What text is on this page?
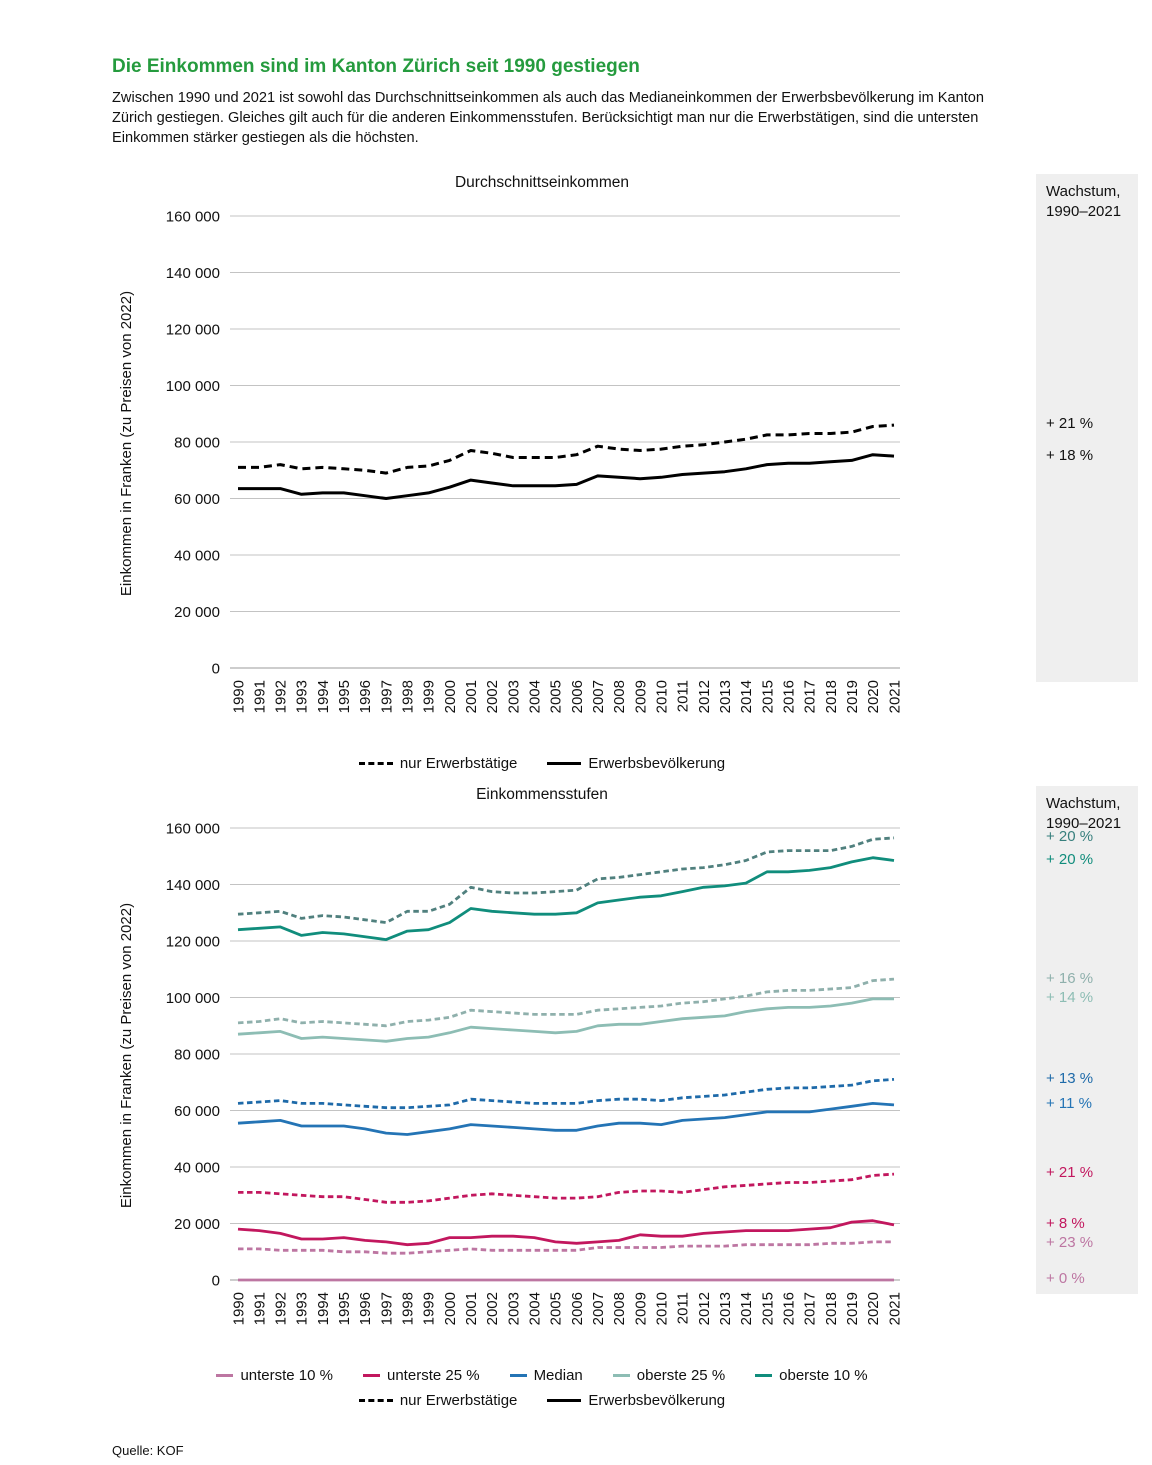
Die Einkommen sind im Kanton Zürich seit 1990 gestiegen

Zwischen 1990 und 2021 ist sowohl das Durchschnittseinkommen als auch das Medianeinkommen der Erwerbsbevölkerung im Kanton Zürich gestiegen. Gleiches gilt auch für die anderen Einkommensstufen. Berücksichtigt man nur die Erwerbstätigen, sind die untersten Einkommen stärker gestiegen als die höchsten.

Durchschnittseinkommen
Einkommen in Franken (zu Preisen von 2022)
160 000
140 000
120 000
100 000
80 000
60 000
40 000
20 000
0
1990 1991 1992 1993 1994 1995 1996 1997 1998 1999 2000 2001 2002 2003 2004 2005 2006 2007 2008 2009 2010 2011 2012 2013 2014 2015 2016 2017 2018 2019 2020 2021
Wachstum,
1990–2021
+ 21 %
+ 18 %
nur Erwerbstätige	Erwerbsbevölkerung
Einkommensstufen
Einkommen in Franken (zu Preisen von 2022)
160 000
140 000
120 000
100 000
80 000
60 000
40 000
20 000
0
1990 1991 1992 1993 1994 1995 1996 1997 1998 1999 2000 2001 2002 2003 2004 2005 2006 2007 2008 2009 2010 2011 2012 2013 2014 2015 2016 2017 2018 2019 2020 2021
Wachstum,
1990–2021
+ 20 %
+ 20 %
+ 16 %
+ 14 %
+ 13 %
+ 11 %
+ 21 %
+ 8 %
+ 23 %
+ 0 %
unterste 10 %	unterste 25 %	Median	oberste 25 %	oberste 10 %
nur Erwerbstätige	Erwerbsbevölkerung
Quelle: KOF
